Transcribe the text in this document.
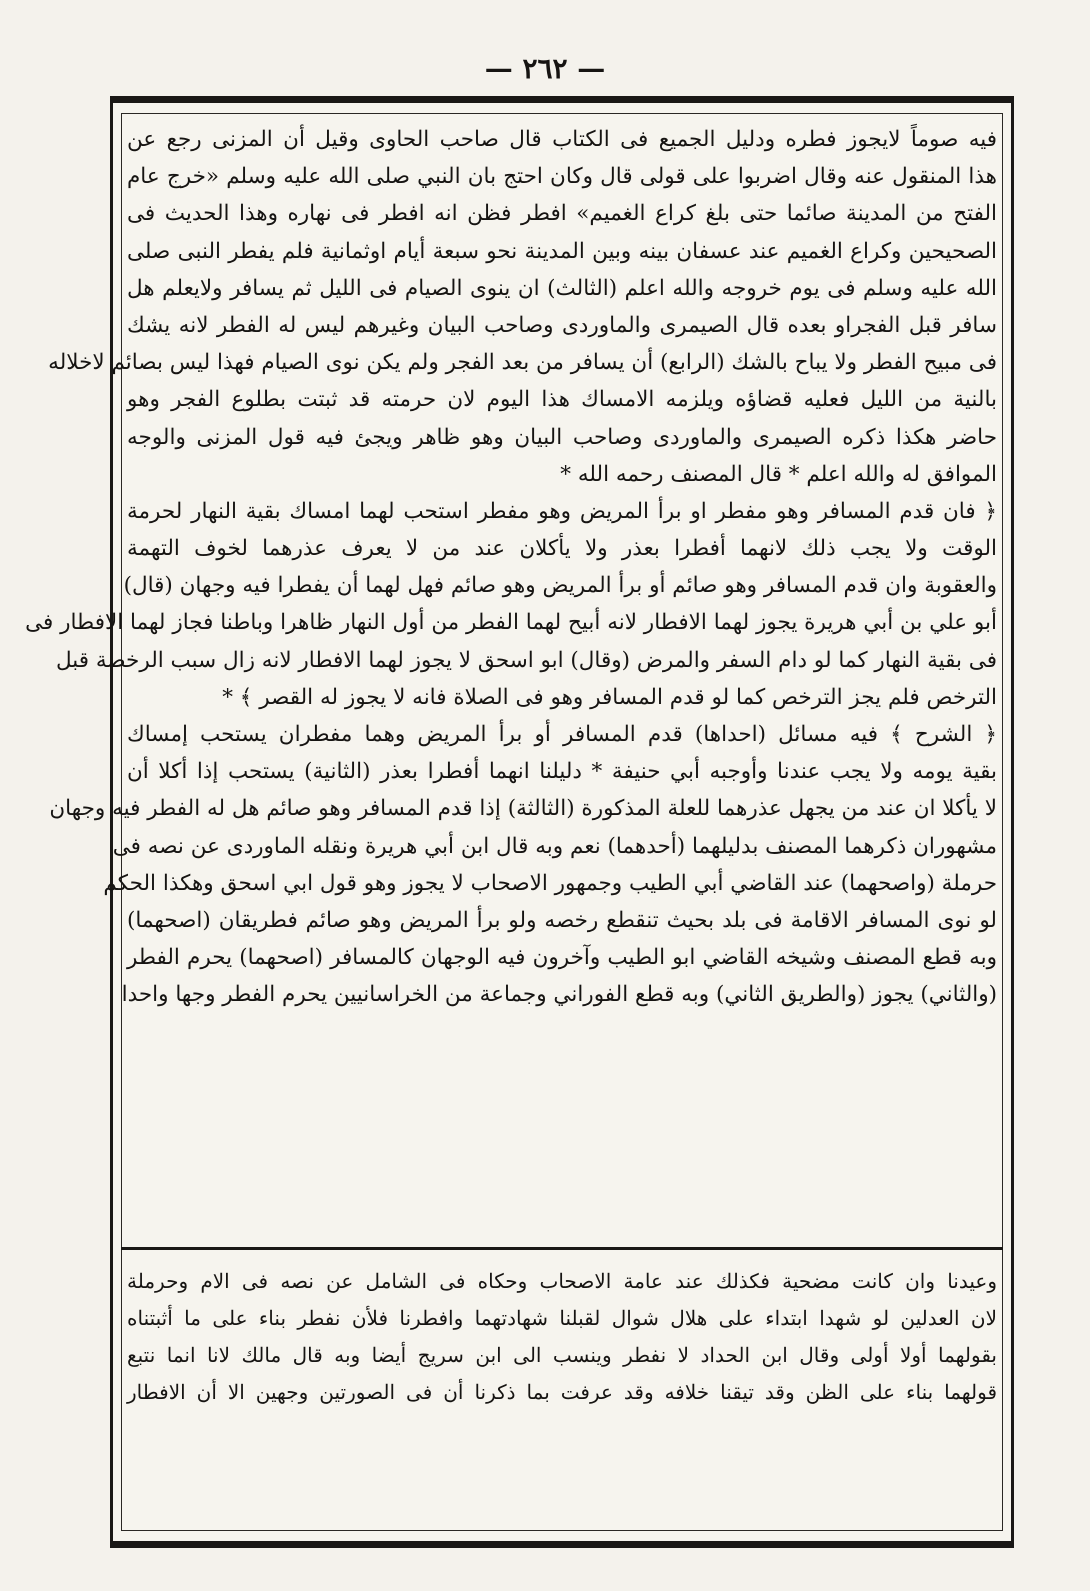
— ٢٦٢ —
فيه صوماً لايجوز فطره ودليل الجميع فى الكتاب قال صاحب الحاوى وقيل أن المزنى رجع عن
هذا المنقول عنه وقال اضربوا على قولى قال وكان احتج بان النبي صلى الله عليه وسلم «خرج عام
الفتح من المدينة صائما حتى بلغ كراع الغميم» افطر فظن انه افطر فى نهاره وهذا الحديث فى
الصحيحين وكراع الغميم عند عسفان بينه وبين المدينة نحو سبعة أيام اوثمانية فلم يفطر النبى صلى
الله عليه وسلم فى يوم خروجه والله اعلم (الثالث) ان ينوى الصيام فى الليل ثم يسافر ولايعلم هل
سافر قبل الفجراو بعده قال الصيمرى والماوردى وصاحب البيان وغيرهم ليس له الفطر لانه يشك
فى مبيح الفطر ولا يباح بالشك (الرابع) أن يسافر من بعد الفجر ولم يكن نوى الصيام فهذا ليس بصائم لاخلاله
بالنية من الليل فعليه قضاؤه ويلزمه الامساك هذا اليوم لان حرمته قد ثبتت بطلوع الفجر وهو
حاضر هكذا ذكره الصيمرى والماوردى وصاحب البيان وهو ظاهر ويجئ فيه قول المزنى والوجه
الموافق له والله اعلم * قال المصنف رحمه الله *
﴿ فان قدم المسافر وهو مفطر او برأ المريض وهو مفطر استحب لهما امساك بقية النهار لحرمة
الوقت ولا يجب ذلك لانهما أفطرا بعذر ولا يأكلان عند من لا يعرف عذرهما لخوف التهمة
والعقوبة وان قدم المسافر وهو صائم أو برأ المريض وهو صائم فهل لهما أن يفطرا فيه وجهان (قال)
أبو علي بن أبي هريرة يجوز لهما الافطار لانه أبيح لهما الفطر من أول النهار ظاهرا وباطنا فجاز لهما الافطار فى
فى بقية النهار كما لو دام السفر والمرض (وقال) ابو اسحق لا يجوز لهما الافطار لانه زال سبب الرخصة قبل
الترخص فلم يجز الترخص كما لو قدم المسافر وهو فى الصلاة فانه لا يجوز له القصر ﴾ *
﴿ الشرح ﴾ فيه مسائل (احداها) قدم المسافر أو برأ المريض وهما مفطران يستحب إمساك
بقية يومه ولا يجب عندنا وأوجبه أبي حنيفة * دليلنا انهما أفطرا بعذر (الثانية) يستحب إذا أكلا أن
لا يأكلا ان عند من يجهل عذرهما للعلة المذكورة (الثالثة) إذا قدم المسافر وهو صائم هل له الفطر فيه وجهان
مشهوران ذكرهما المصنف بدليلهما (أحدهما) نعم وبه قال ابن أبي هريرة ونقله الماوردى عن نصه فى
حرملة (واصحهما) عند القاضي أبي الطيب وجمهور الاصحاب لا يجوز وهو قول ابي اسحق وهكذا الحكم
لو نوى المسافر الاقامة فى بلد بحيث تنقطع رخصه ولو برأ المريض وهو صائم فطريقان (اصحهما)
وبه قطع المصنف وشيخه القاضي ابو الطيب وآخرون فيه الوجهان كالمسافر (اصحهما) يحرم الفطر
(والثاني) يجوز (والطريق الثاني) وبه قطع الفوراني وجماعة من الخراسانيين يحرم الفطر وجها واحدا
وعيدنا وان كانت مضحية فكذلك عند عامة الاصحاب وحكاه فى الشامل عن نصه فى الام وحرملة
لان العدلين لو شهدا ابتداء على هلال شوال لقبلنا شهادتهما وافطرنا فلأن نفطر بناء على ما أثبتناه
بقولهما أولا أولى وقال ابن الحداد لا نفطر وينسب الى ابن سريج أيضا وبه قال مالك لانا انما نتبع
قولهما بناء على الظن وقد تيقنا خلافه وقد عرفت بما ذكرنا أن فى الصورتين وجهين الا أن الافطار
